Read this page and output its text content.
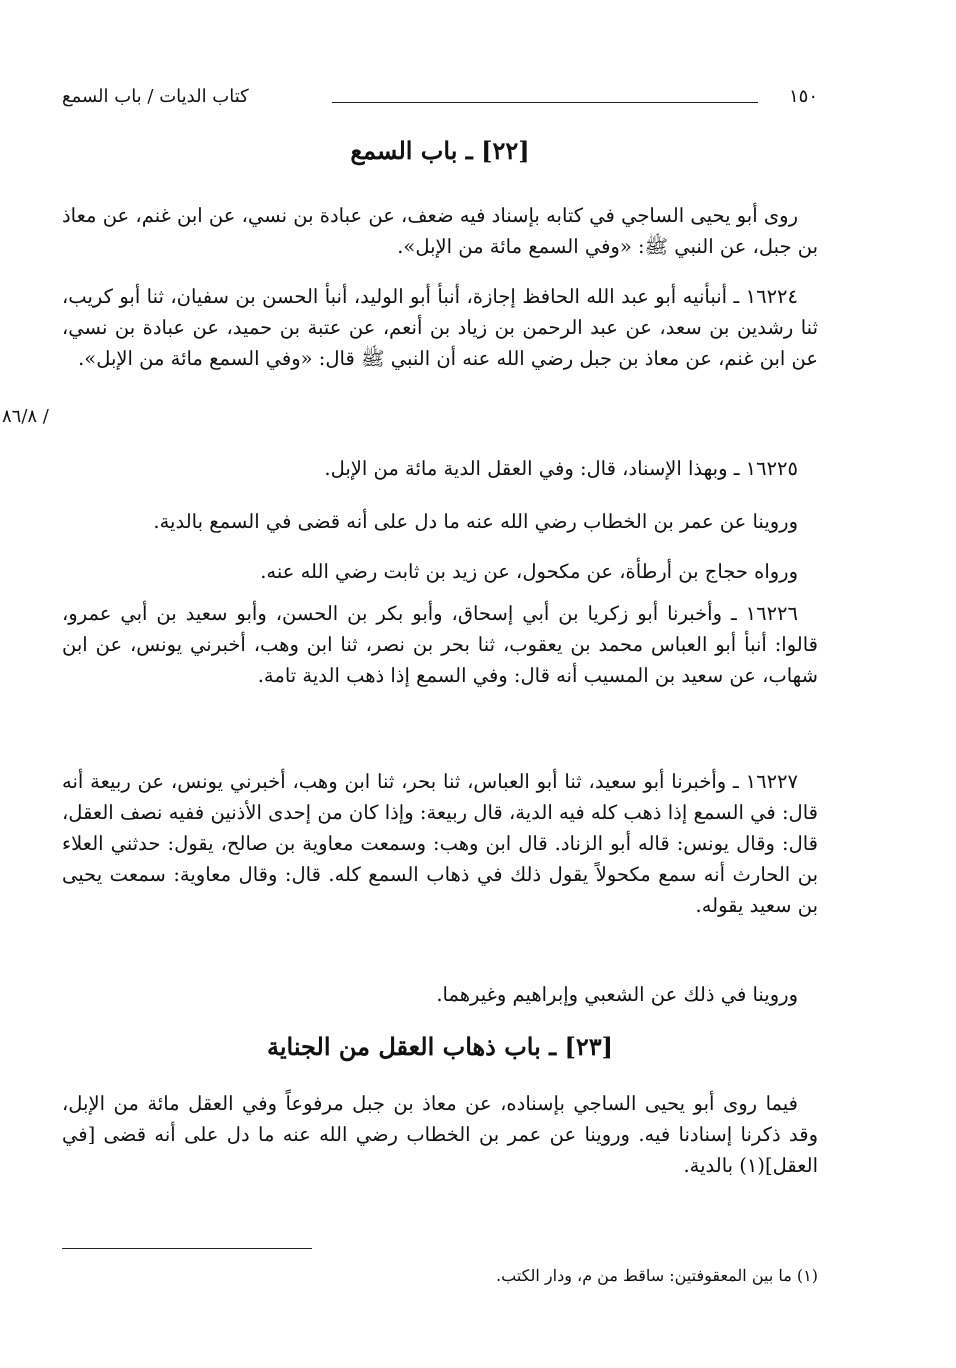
١٥٠
كتاب الديات / باب السمع
[٢٢] ـ باب السمع

روى أبو يحيى الساجي في كتابه بإسناد فيه ضعف، عن عبادة بن نسي، عن ابن غنم، عن معاذ بن جبل، عن النبي ﷺ: «وفي السمع مائة من الإبل».

١٦٢٢٤ ـ أنبأنيه أبو عبد الله الحافظ إجازة، أنبأ أبو الوليد، أنبأ الحسن بن سفيان، ثنا أبو كريب، ثنا رشدين بن سعد، عن عبد الرحمن بن زياد بن أنعم، عن عتبة بن حميد، عن عبادة بن نسي، عن ابن غنم، عن معاذ بن جبل رضي الله عنه أن النبي ﷺ قال: «وفي السمع مائة من الإبل».

٨٦/٨ /

١٦٢٢٥ ـ وبهذا الإسناد، قال: وفي العقل الدية مائة من الإبل.

وروينا عن عمر بن الخطاب رضي الله عنه ما دل على أنه قضى في السمع بالدية.

ورواه حجاج بن أرطأة، عن مكحول، عن زيد بن ثابت رضي الله عنه.

١٦٢٢٦ ـ وأخبرنا أبو زكريا بن أبي إسحاق، وأبو بكر بن الحسن، وأبو سعيد بن أبي عمرو، قالوا: أنبأ أبو العباس محمد بن يعقوب، ثنا بحر بن نصر، ثنا ابن وهب، أخبرني يونس، عن ابن شهاب، عن سعيد بن المسيب أنه قال: وفي السمع إذا ذهب الدية تامة.

١٦٢٢٧ ـ وأخبرنا أبو سعيد، ثنا أبو العباس، ثنا بحر، ثنا ابن وهب، أخبرني يونس، عن ربيعة أنه قال: في السمع إذا ذهب كله فيه الدية، قال ربيعة: وإذا كان من إحدى الأذنين ففيه نصف العقل، قال: وقال يونس: قاله أبو الزناد. قال ابن وهب: وسمعت معاوية بن صالح، يقول: حدثني العلاء بن الحارث أنه سمع مكحولاً يقول ذلك في ذهاب السمع كله. قال: وقال معاوية: سمعت يحيى بن سعيد يقوله.

وروينا في ذلك عن الشعبي وإبراهيم وغيرهما.

[٢٣] ـ باب ذهاب العقل من الجناية

فيما روى أبو يحيى الساجي بإسناده، عن معاذ بن جبل مرفوعاً وفي العقل مائة من الإبل، وقد ذكرنا إسنادنا فيه. وروينا عن عمر بن الخطاب رضي الله عنه ما دل على أنه قضى [في العقل](١) بالدية.

(١) ما بين المعقوفتين: ساقط من م، ودار الكتب.
